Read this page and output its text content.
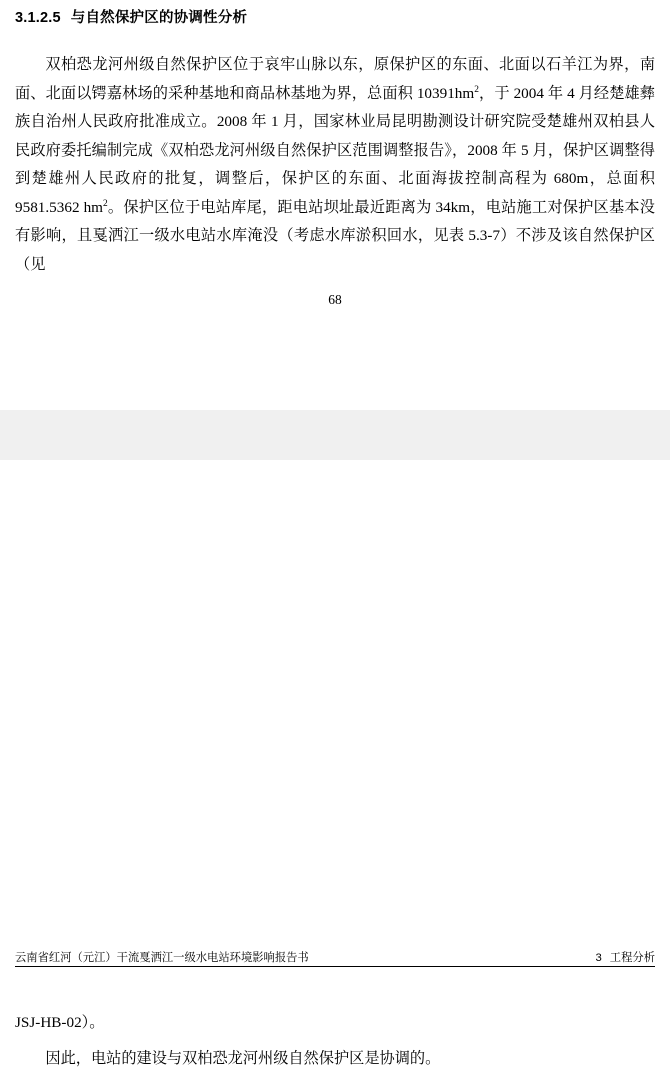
3.1.2.5 与自然保护区的协调性分析

双柏恐龙河州级自然保护区位于哀牢山脉以东，原保护区的东面、北面以石羊江为界，南面、北面以锷嘉林场的采种基地和商品林基地为界，总面积 $10391hm^2$，于 2004 年 4 月经楚雄彝族自治州人民政府批准成立。2008 年 1 月，国家林业局昆明勘测设计研究院受楚雄州双柏县人民政府委托编制完成《双柏恐龙河州级自然保护区范围调整报告》，2008 年 5 月，保护区调整得到楚雄州人民政府的批复，调整后，保护区的东面、北面海拔控制高程为 680m，总面积 9581.5362 $hm^2$。保护区位于电站库尾，距电站坝址最近距离为 34km，电站施工对保护区基本没有影响，且戛洒江一级水电站水库淹没（考虑水库淤积回水，见表 5.3-7）不涉及该自然保护区（见

68
云南省红河（元江）干流戛洒江一级水电站环境影响报告书	3 工程分析

JSJ-HB-02）。

因此，电站的建设与双柏恐龙河州级自然保护区是协调的。
